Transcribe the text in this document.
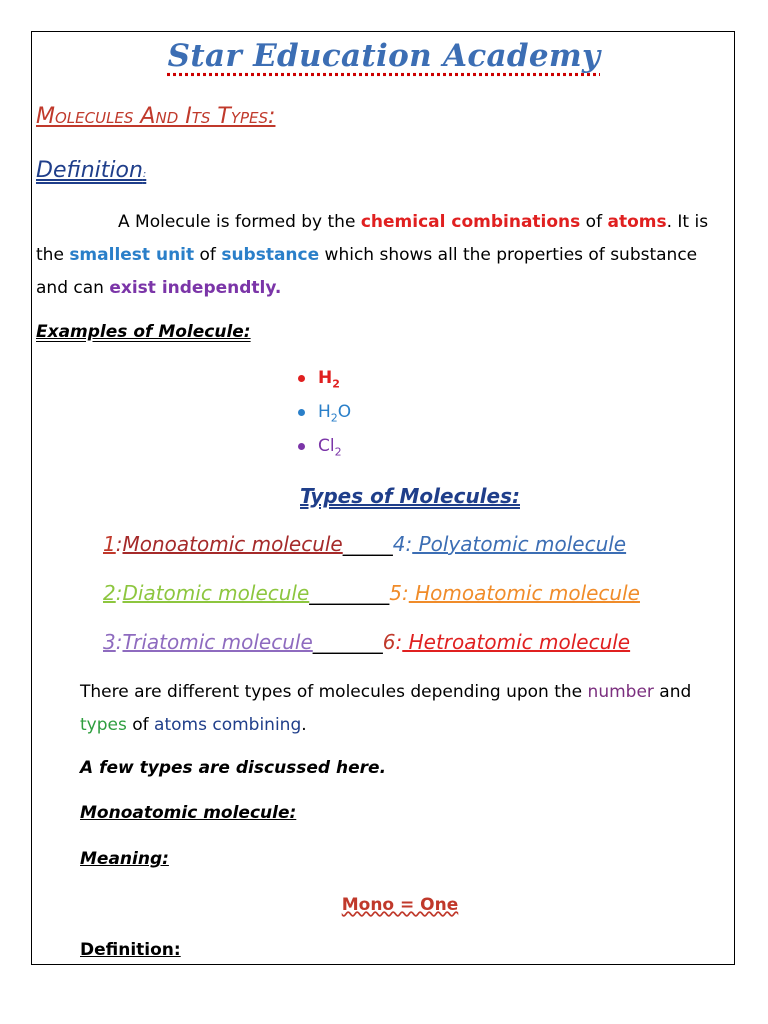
Star Education Academy
Molecules And Its Types:
Definition:
A Molecule is formed by the chemical combinations of atoms. It is the smallest unit of substance which shows all the properties of substance and can exist independtly.
Examples of Molecule:
$H_2$
$H_2O$
$Cl_2$
Types of Molecules:
1:Monoatomic molecule_____4: Polyatomic molecule
2:Diatomic molecule________5: Homoatomic molecule
3:Triatomic molecule_______6: Hetroatomic molecule
There are different types of molecules depending upon the number and types of atoms combining.
A few types are discussed here.
Monoatomic molecule:
Meaning:
Mono = One
Definition:
